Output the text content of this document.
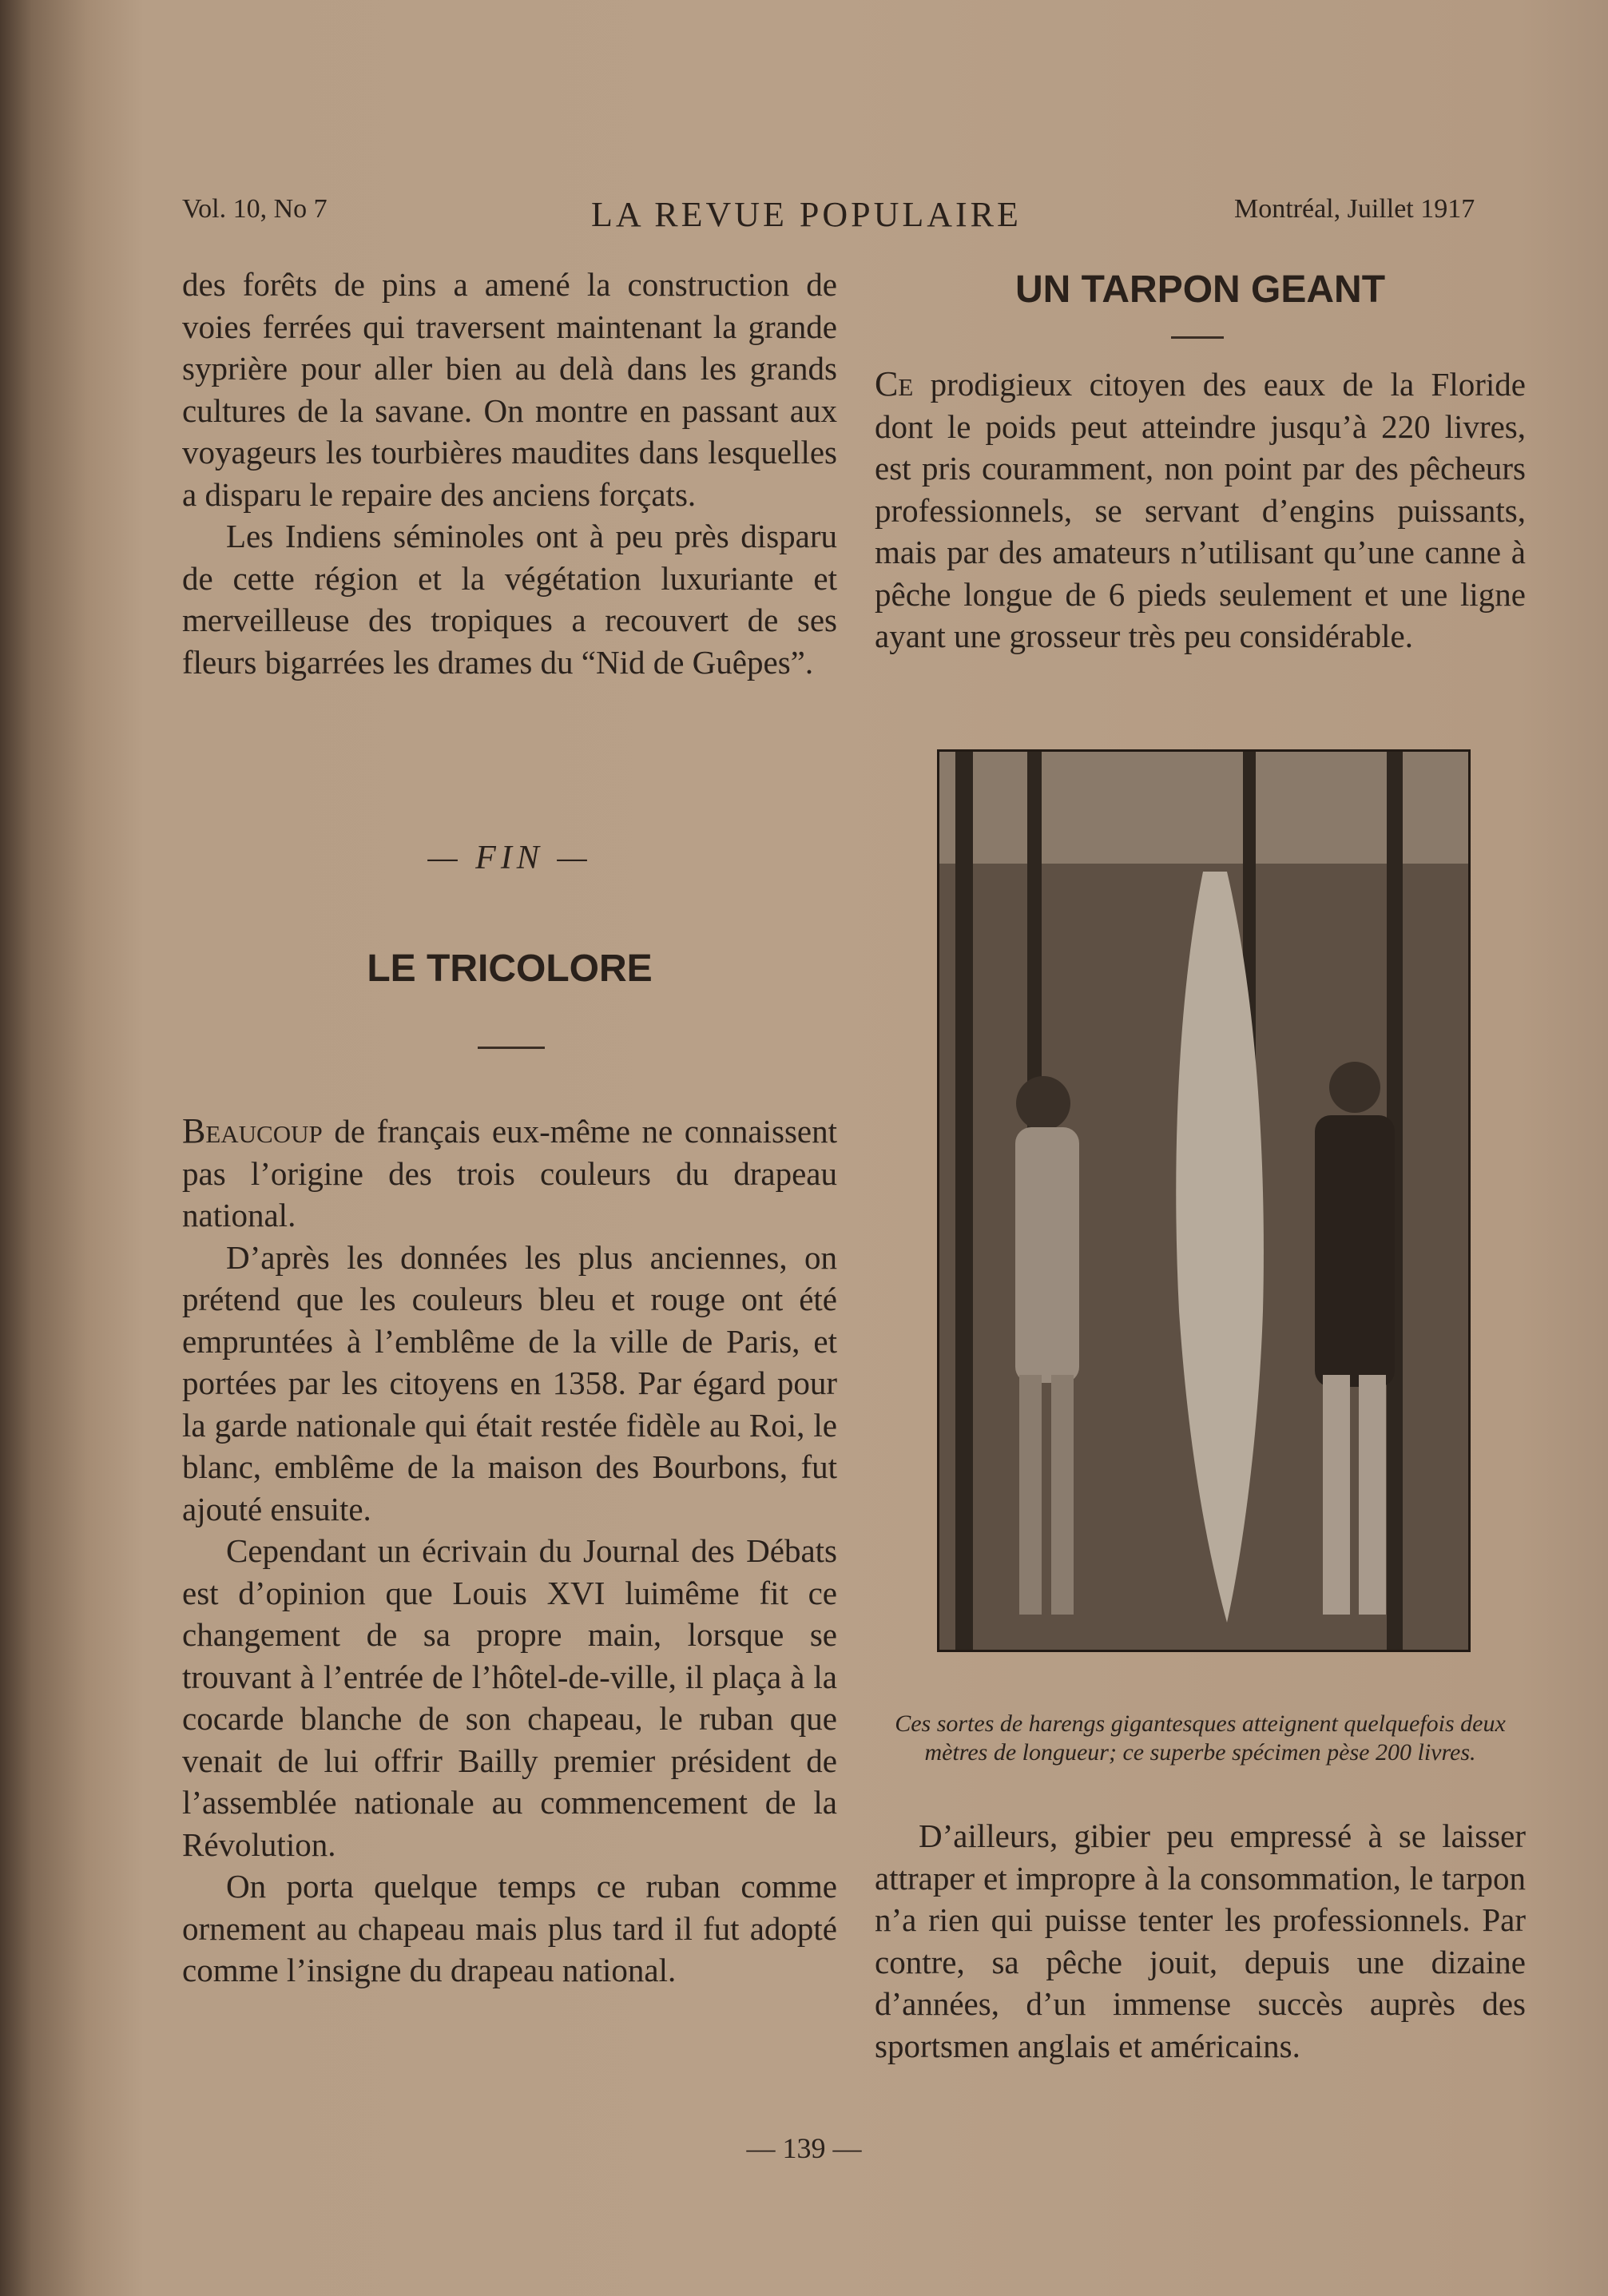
Vol. 10, No 7	LA REVUE POPULAIRE	Montréal, Juillet 1917

des forêts de pins a amené la construction de voies ferrées qui traversent maintenant la grande syprière pour aller bien au delà dans les grands cultures de la savane. On montre en passant aux voyageurs les tourbières maudites dans lesquelles a disparu le repaire des anciens forçats.

Les Indiens séminoles ont à peu près disparu de cette région et la végétation luxuriante et merveilleuse des tropiques a recouvert de ses fleurs bigarrées les drames du “Nid de Guêpes”.

— FIN —
LE TRICOLORE

Beaucoup de français eux-même ne connaissent pas l’origine des trois couleurs du drapeau national.

D’après les données les plus anciennes, on prétend que les couleurs bleu et rouge ont été empruntées à l’emblême de la ville de Paris, et portées par les citoyens en 1358. Par égard pour la garde nationale qui était restée fidèle au Roi, le blanc, emblême de la maison des Bourbons, fut ajouté ensuite.

Cependant un écrivain du Journal des Débats est d’opinion que Louis XVI luimême fit ce changement de sa propre main, lorsque se trouvant à l’entrée de l’hôtel-de-ville, il plaça à la cocarde blanche de son chapeau, le ruban que venait de lui offrir Bailly premier président de l’assemblée nationale au commencement de la Révolution.

On porta quelque temps ce ruban comme ornement au chapeau mais plus tard il fut adopté comme l’insigne du drapeau national.

UN TARPON GEANT

Ce prodigieux citoyen des eaux de la Floride dont le poids peut atteindre jusqu’à 220 livres, est pris couramment, non point par des pêcheurs professionnels, se servant d’engins puissants, mais par des amateurs n’utilisant qu’une canne à pêche longue de 6 pieds seulement et une ligne ayant une grosseur très peu considérable.

Ces sortes de harengs gigantesques atteignent quelquefois deux mètres de longueur; ce superbe spécimen pèse 200 livres.

D’ailleurs, gibier peu empressé à se laisser attraper et impropre à la consommation, le tarpon n’a rien qui puisse tenter les professionnels. Par contre, sa pêche jouit, depuis une dizaine d’années, d’un immense succès auprès des sportsmen anglais et américains.

— 139 —
